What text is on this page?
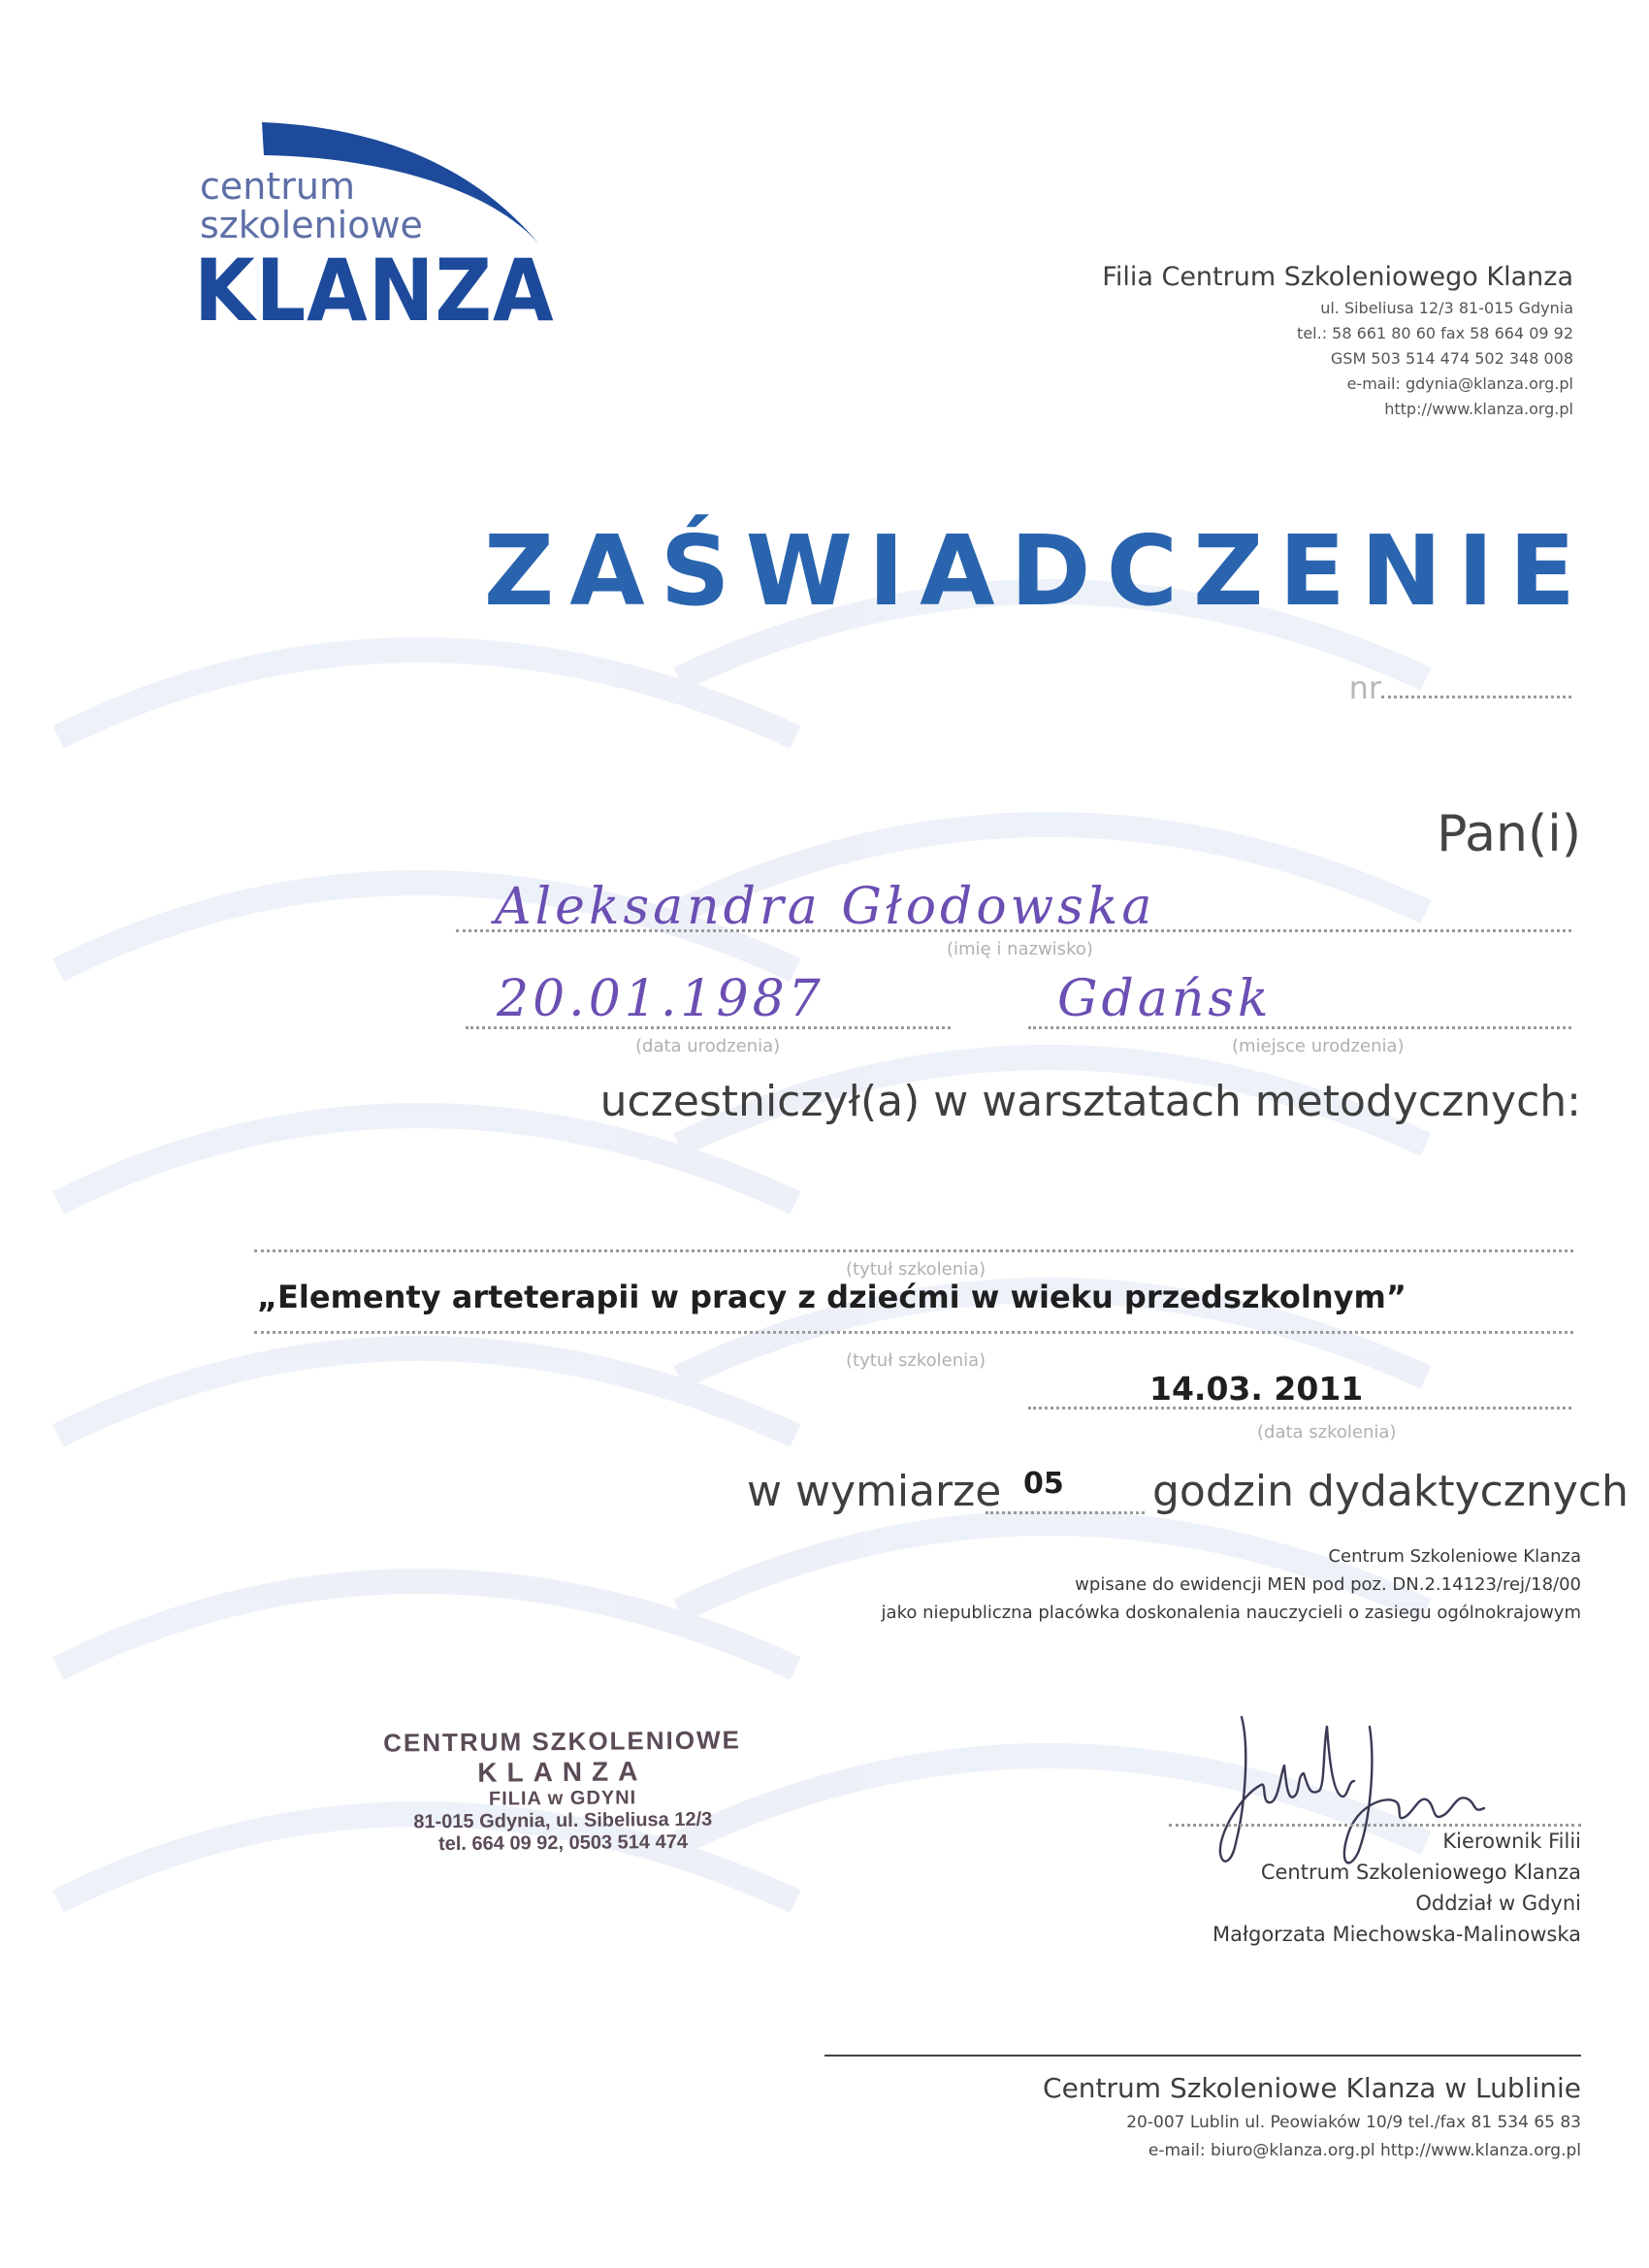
centrum
szkoleniowe
KLANZA	Filia Centrum Szkoleniowego Klanza
ul. Sibeliusa 12/3 81-015 Gdynia
tel.: 58 661 80 60 fax 58 664 09 92
GSM 503 514 474 502 348 008
e-mail: gdynia@klanza.org.pl
http://www.klanza.org.pl
ZAŚWIADCZENIE
nr
Pan(i)
Aleksandra Głodowska
(imię i nazwisko)
20.01.1987
(data urodzenia)
Gdańsk
(miejsce urodzenia)
uczestniczył(a) w warsztatach metodycznych:
(tytuł szkolenia)
„Elementy arteterapii w pracy z dziećmi w wieku przedszkolnym”
(tytuł szkolenia)
14.03. 2011
(data szkolenia)
w wymiarze 05 godzin dydaktycznych
Centrum Szkoleniowe Klanza
wpisane do ewidencji MEN pod poz. DN.2.14123/rej/18/00
jako niepubliczna placówka doskonalenia nauczycieli o zasiegu ogólnokrajowym
CENTRUM SZKOLENIOWE
KLANZA
FILIA w GDYNI
81-015 Gdynia, ul. Sibeliusa 12/3
tel. 664 09 92, 0503 514 474	Kierownik Filii
Centrum Szkoleniowego Klanza
Oddział w Gdyni
Małgorzata Miechowska-Malinowska
Centrum Szkoleniowe Klanza w Lublinie
20-007 Lublin ul. Peowiaków 10/9 tel./fax 81 534 65 83
e-mail: biuro@klanza.org.pl http://www.klanza.org.pl
